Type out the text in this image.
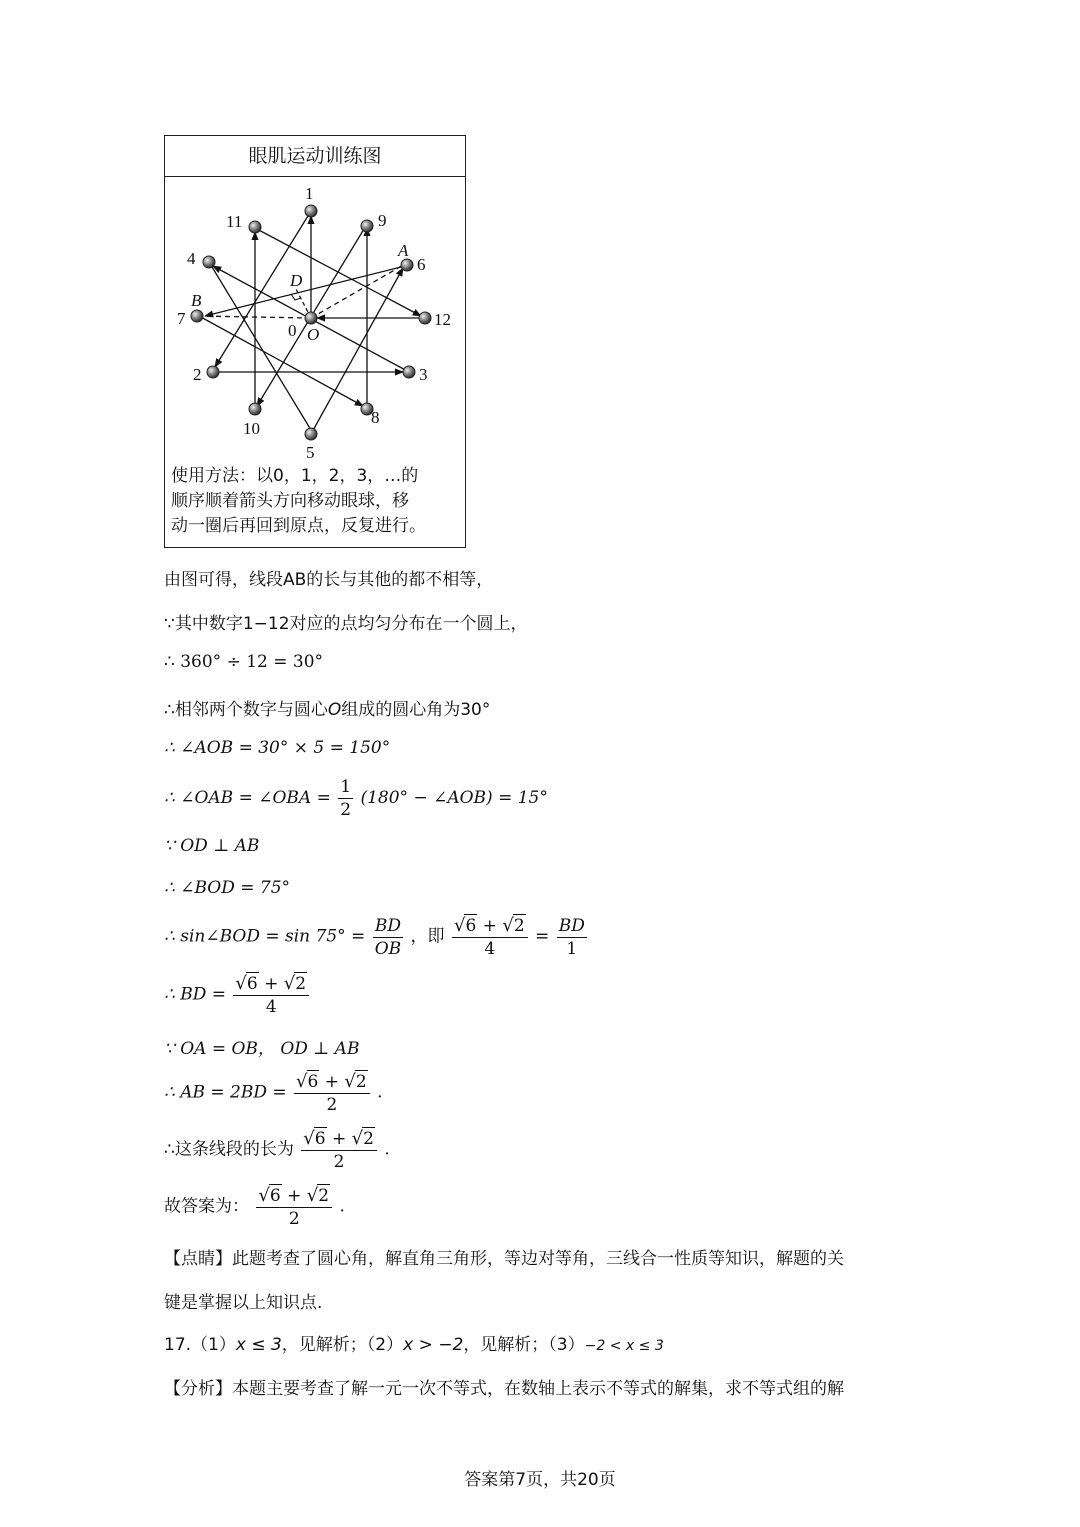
眼肌运动训练图
1
9
11
4	6
7	12
2	3
10
8
5
0 O
A
B
D
使用方法：以0，1，2，3，…的
顺序顺着箭头方向移动眼球，移
动一圈后再回到原点，反复进行。
由图可得，线段AB的长与其他的都不相等，
∵其中数字1−12对应的点均匀分布在一个圆上，
∴ 360° ÷ 12 = 30°
∴相邻两个数字与圆心O组成的圆心角为30°
∴ ∠AOB = 30° × 5 = 150°
∴ ∠OAB = ∠OBA = $\frac{1}{2} (180^\circ$ − ∠AOB) = 15°
∵ OD ⊥ AB
∴ ∠BOD = 75°
∴ sin∠BOD = $\sin 75^\circ = \frac{BD}{OB}$ ，即 $\frac{√6 + √2}{4} = \frac{BD}{1}$
∴ BD = $\frac{√6 + √2}{4}$
∵ OA = OB， OD ⊥ AB
∴ AB = $2BD = \frac{√6 + √2}{2}$ .
∴这条线段的长为 $\frac{√6 + √2}{2}$ .
故答案为： $\frac{√6 + √2}{2}$ .
【点睛】此题考查了圆心角，解直角三角形，等边对等角，三线合一性质等知识，解题的关
键是掌握以上知识点.
17.（1）x ≤ 3，见解析；（2）x > −2，见解析；（3）−2 < x ≤ 3
【分析】本题主要考查了解一元一次不等式，在数轴上表示不等式的解集，求不等式组的解
答案第7页，共20页
